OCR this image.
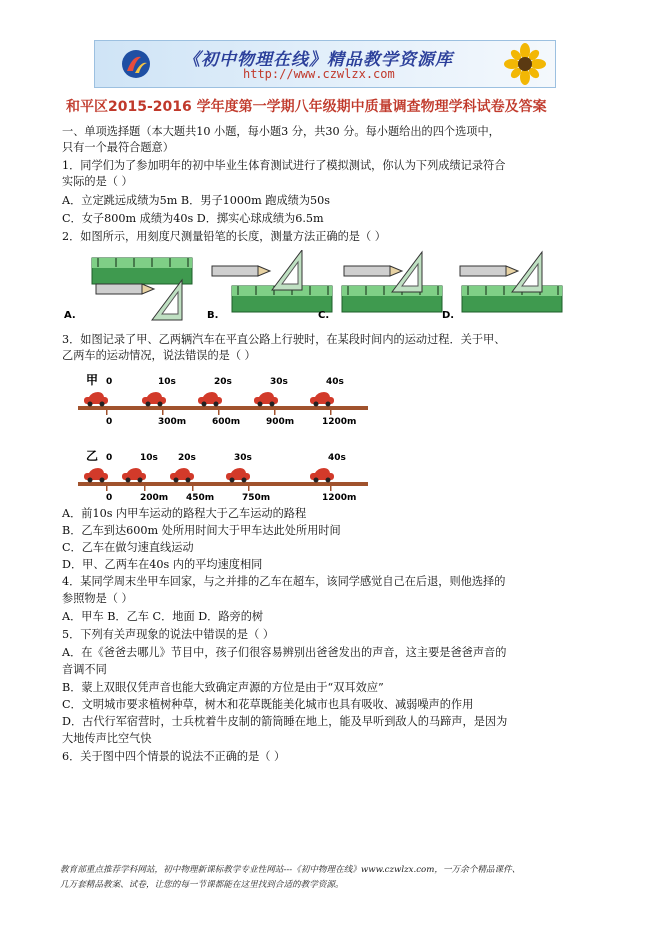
《初中物理在线》精品教学资源库
http://www.czwlzx.com
和平区2015-2016 学年度第一学期八年级期中质量调查物理学科试卷及答案
一、单项选择题（本大题共10 小题，每小题3 分，共30 分。每小题给出的四个选项中，
只有一个最符合题意）
1．同学们为了参加明年的初中毕业生体育测试进行了模拟测试，你认为下列成绩记录符合
实际的是（ ）
A．立定跳远成绩为5m B．男子1000m 跑成绩为50s
C．女子800m 成绩为40s D．掷实心球成绩为6.5m
2．如图所示，用刻度尺测量铅笔的长度，测量方法正确的是（ ）
A.	B.	C.	D.
3．如图记录了甲、乙两辆汽车在平直公路上行驶时，在某段时间内的运动过程．关于甲、
乙两车的运动情况，说法错误的是（ ）
甲 0	10s	20s	30s	40s
0	300m	600m	900m	1200m
乙 0	10s 20s	30s	40s
0	200m 450m	750m	1200m
A．前10s 内甲车运动的路程大于乙车运动的路程
B．乙车到达600m 处所用时间大于甲车达此处所用时间
C．乙车在做匀速直线运动
D．甲、乙两车在40s 内的平均速度相同
4．某同学周末坐甲车回家，与之并排的乙车在超车，该同学感觉自己在后退，则他选择的
参照物是（ ）
A．甲车 B．乙车 C．地面 D．路旁的树
5．下列有关声现象的说法中错误的是（ ）
A．在《爸爸去哪儿》节目中，孩子们很容易辨别出爸爸发出的声音，这主要是爸爸声音的
音调不同
B．蒙上双眼仅凭声音也能大致确定声源的方位是由于“双耳效应”
C．文明城市要求植树种草，树木和花草既能美化城市也具有吸收、减弱噪声的作用
D．古代行军宿营时，士兵枕着牛皮制的箭筒睡在地上，能及早听到敌人的马蹄声，是因为
大地传声比空气快
6．关于图中四个情景的说法不正确的是（ ）
教育部重点推荐学科网站，初中物理新课标教学专业性网站---《初中物理在线》www.czwlzx.com，一万余个精品课件、
几万套精品教案、试卷，让您的每一节课都能在这里找到合适的教学资源。
